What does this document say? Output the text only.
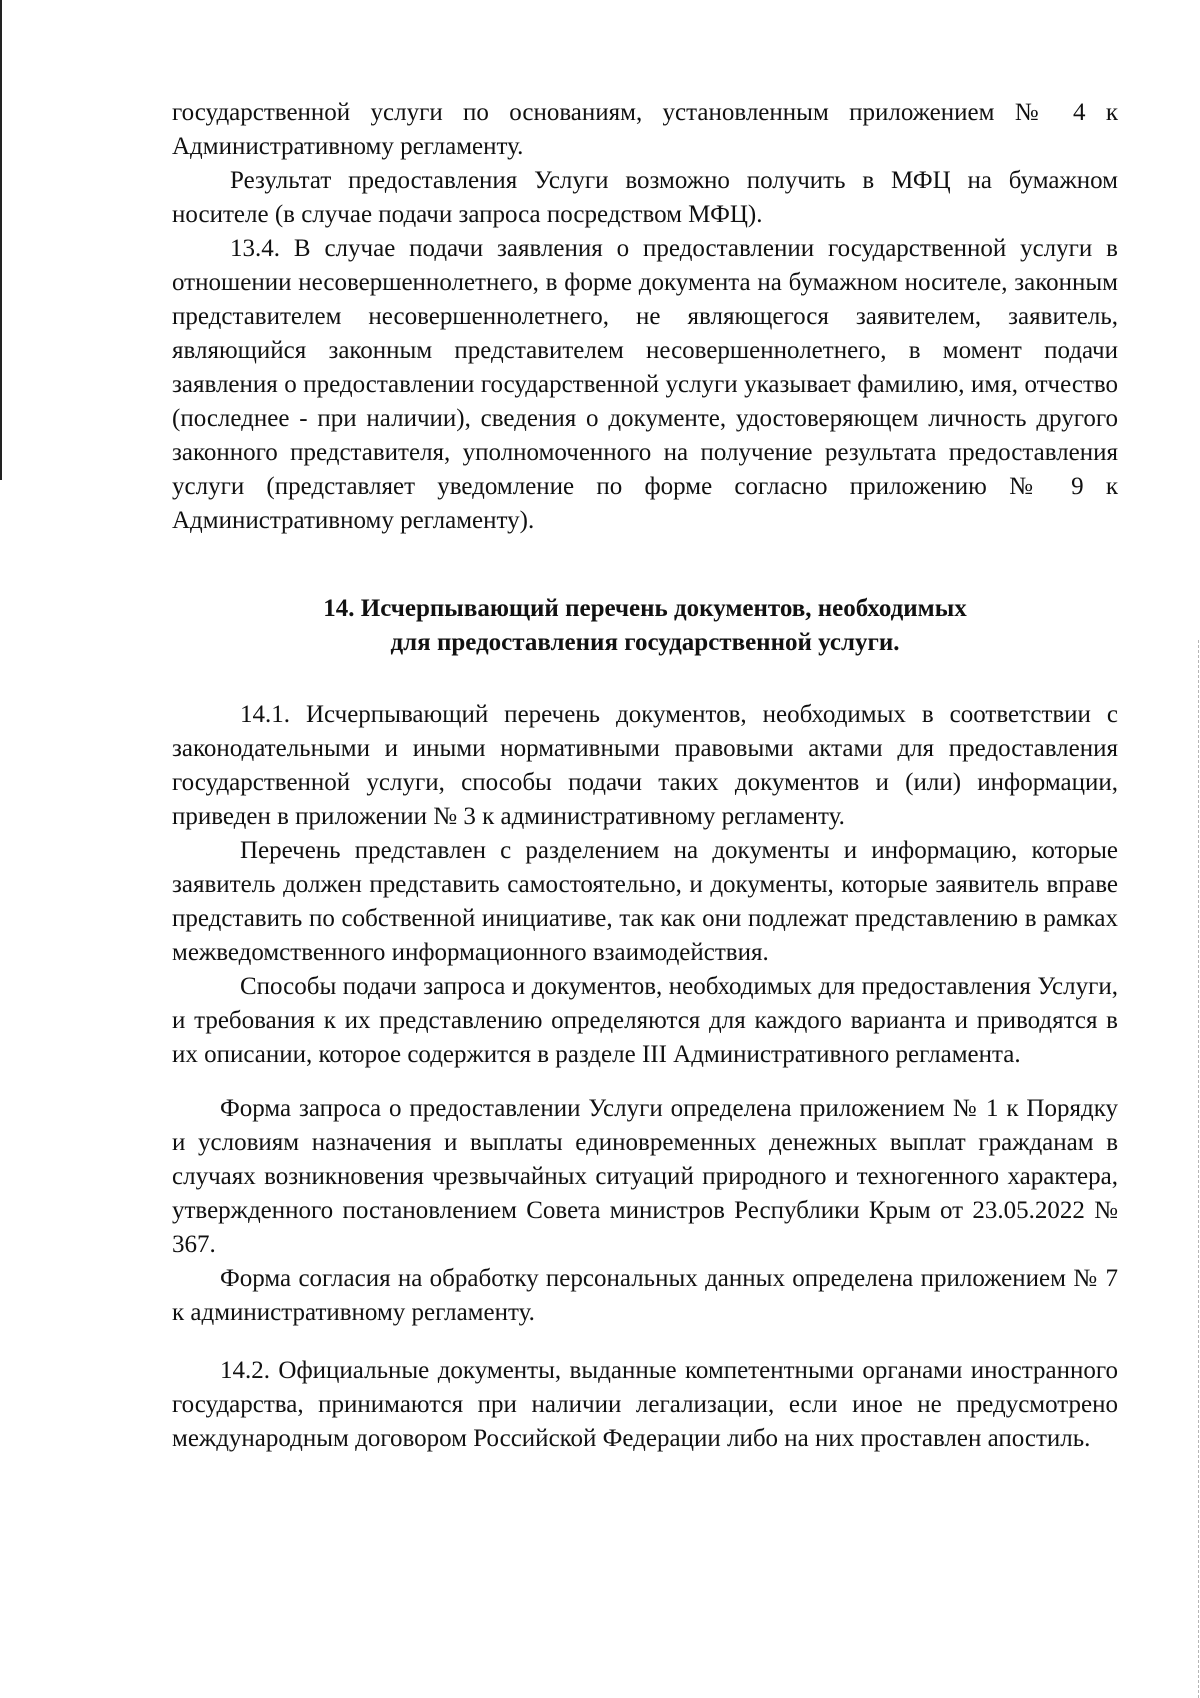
государственной услуги по основаниям, установленным приложением № 4 к Административному регламенту.

Результат предоставления Услуги возможно получить в МФЦ на бумажном носителе (в случае подачи запроса посредством МФЦ).

13.4. В случае подачи заявления о предоставлении государственной услуги в отношении несовершеннолетнего, в форме документа на бумажном носителе, законным представителем несовершеннолетнего, не являющегося заявителем, заявитель, являющийся законным представителем несовершеннолетнего, в момент подачи заявления о предоставлении государственной услуги указывает фамилию, имя, отчество (последнее - при наличии), сведения о документе, удостоверяющем личность другого законного представителя, уполномоченного на получение результата предоставления услуги (представляет уведомление по форме согласно приложению № 9 к Административному регламенту).

14. Исчерпывающий перечень документов, необходимых
для предоставления государственной услуги.

14.1. Исчерпывающий перечень документов, необходимых в соответствии с законодательными и иными нормативными правовыми актами для предоставления государственной услуги, способы подачи таких документов и (или) информации, приведен в приложении № 3 к административному регламенту.

Перечень представлен с разделением на документы и информацию, которые заявитель должен представить самостоятельно, и документы, которые заявитель вправе представить по собственной инициативе, так как они подлежат представлению в рамках межведомственного информационного взаимодействия.

Способы подачи запроса и документов, необходимых для предоставления Услуги, и требования к их представлению определяются для каждого варианта и приводятся в их описании, которое содержится в разделе III Административного регламента.

Форма запроса о предоставлении Услуги определена приложением № 1 к Порядку и условиям назначения и выплаты единовременных денежных выплат гражданам в случаях возникновения чрезвычайных ситуаций природного и техногенного характера, утвержденного постановлением Совета министров Республики Крым от 23.05.2022 № 367.

Форма согласия на обработку персональных данных определена приложением № 7 к административному регламенту.

14.2. Официальные документы, выданные компетентными органами иностранного государства, принимаются при наличии легализации, если иное не предусмотрено международным договором Российской Федерации либо на них проставлен апостиль.
